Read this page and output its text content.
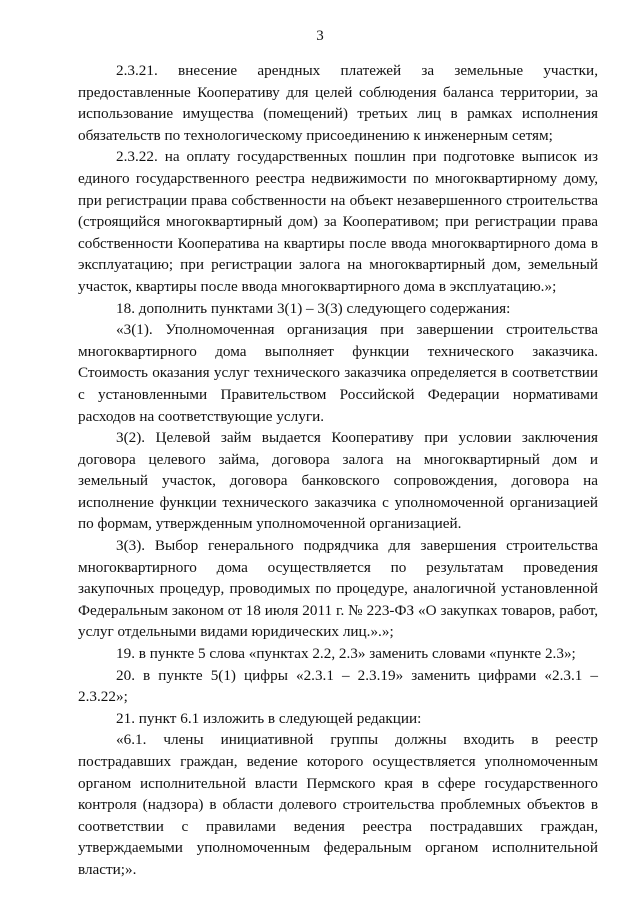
3

2.3.21. внесение арендных платежей за земельные участки, предоставленные Кооперативу для целей соблюдения баланса территории, за использование имущества (помещений) третьих лиц в рамках исполнения обязательств по технологическому присоединению к инженерным сетям;

2.3.22. на оплату государственных пошлин при подготовке выписок из единого государственного реестра недвижимости по многоквартирному дому, при регистрации права собственности на объект незавершенного строительства (строящийся многоквартирный дом) за Кооперативом; при регистрации права собственности Кооператива на квартиры после ввода многоквартирного дома в эксплуатацию; при регистрации залога на многоквартирный дом, земельный участок, квартиры после ввода многоквартирного дома в эксплуатацию.»;

18. дополнить пунктами 3(1) – 3(3) следующего содержания:

«3(1). Уполномоченная организация при завершении строительства многоквартирного дома выполняет функции технического заказчика. Стоимость оказания услуг технического заказчика определяется в соответствии с установленными Правительством Российской Федерации нормативами расходов на соответствующие услуги.

3(2). Целевой займ выдается Кооперативу при условии заключения договора целевого займа, договора залога на многоквартирный дом и земельный участок, договора банковского сопровождения, договора на исполнение функции технического заказчика с уполномоченной организацией по формам, утвержденным уполномоченной организацией.

3(3). Выбор генерального подрядчика для завершения строительства многоквартирного дома осуществляется по результатам проведения закупочных процедур, проводимых по процедуре, аналогичной установленной Федеральным законом от 18 июля 2011 г. № 223-ФЗ «О закупках товаров, работ, услуг отдельными видами юридических лиц.».»;

19. в пункте 5 слова «пунктах 2.2, 2.3» заменить словами «пункте 2.3»;

20. в пункте 5(1) цифры «2.3.1 – 2.3.19» заменить цифрами «2.3.1 – 2.3.22»;

21. пункт 6.1 изложить в следующей редакции:

«6.1. члены инициативной группы должны входить в реестр пострадавших граждан, ведение которого осуществляется уполномоченным органом исполнительной власти Пермского края в сфере государственного контроля (надзора) в области долевого строительства проблемных объектов в соответствии с правилами ведения реестра пострадавших граждан, утверждаемыми уполномоченным федеральным органом исполнительной власти;».
